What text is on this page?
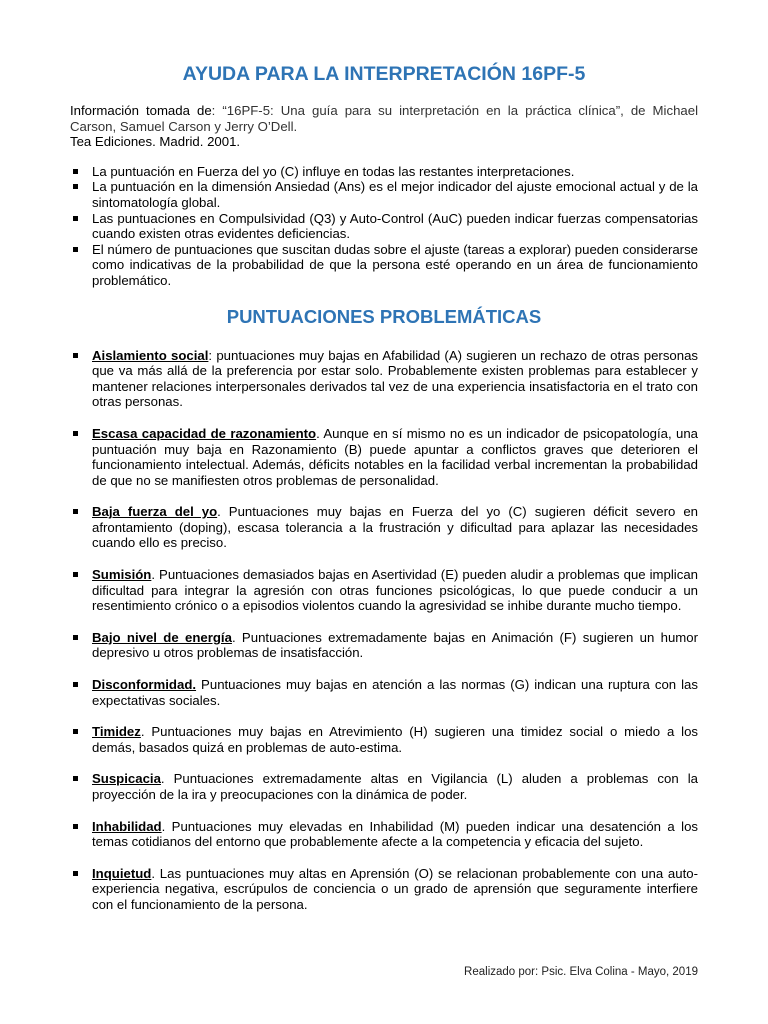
AYUDA PARA LA INTERPRETACIÓN 16PF-5

Información tomada de: “16PF-5: Una guía para su interpretación en la práctica clínica”, de Michael Carson, Samuel Carson y Jerry O’Dell.
Tea Ediciones. Madrid. 2001.

La puntuación en Fuerza del yo (C) influye en todas las restantes interpretaciones.
La puntuación en la dimensión Ansiedad (Ans) es el mejor indicador del ajuste emocional actual y de la sintomatología global.
Las puntuaciones en Compulsividad (Q3) y Auto-Control (AuC) pueden indicar fuerzas compensatorias cuando existen otras evidentes deficiencias.
El número de puntuaciones que suscitan dudas sobre el ajuste (tareas a explorar) pueden considerarse como indicativas de la probabilidad de que la persona esté operando en un área de funcionamiento problemático.
PUNTUACIONES PROBLEMÁTICAS
Aislamiento social: puntuaciones muy bajas en Afabilidad (A) sugieren un rechazo de otras personas que va más allá de la preferencia por estar solo. Probablemente existen problemas para establecer y mantener relaciones interpersonales derivados tal vez de una experiencia insatisfactoria en el trato con otras personas.
Escasa capacidad de razonamiento. Aunque en sí mismo no es un indicador de psicopatología, una puntuación muy baja en Razonamiento (B) puede apuntar a conflictos graves que deterioren el funcionamiento intelectual. Además, déficits notables en la facilidad verbal incrementan la probabilidad de que no se manifiesten otros problemas de personalidad.
Baja fuerza del yo. Puntuaciones muy bajas en Fuerza del yo (C) sugieren déficit severo en afrontamiento (doping), escasa tolerancia a la frustración y dificultad para aplazar las necesidades cuando ello es preciso.
Sumisión. Puntuaciones demasiados bajas en Asertividad (E) pueden aludir a problemas que implican dificultad para integrar la agresión con otras funciones psicológicas, lo que puede conducir a un resentimiento crónico o a episodios violentos cuando la agresividad se inhibe durante mucho tiempo.
Bajo nivel de energía. Puntuaciones extremadamente bajas en Animación (F) sugieren un humor depresivo u otros problemas de insatisfacción.
Disconformidad. Puntuaciones muy bajas en atención a las normas (G) indican una ruptura con las expectativas sociales.
Timidez. Puntuaciones muy bajas en Atrevimiento (H) sugieren una timidez social o miedo a los demás, basados quizá en problemas de auto-estima.
Suspicacia. Puntuaciones extremadamente altas en Vigilancia (L) aluden a problemas con la proyección de la ira y preocupaciones con la dinámica de poder.
Inhabilidad. Puntuaciones muy elevadas en Inhabilidad (M) pueden indicar una desatención a los temas cotidianos del entorno que probablemente afecte a la competencia y eficacia del sujeto.
Inquietud. Las puntuaciones muy altas en Aprensión (O) se relacionan probablemente con una auto-experiencia negativa, escrúpulos de conciencia o un grado de aprensión que seguramente interfiere con el funcionamiento de la persona.
Realizado por: Psic. Elva Colina - Mayo, 2019
